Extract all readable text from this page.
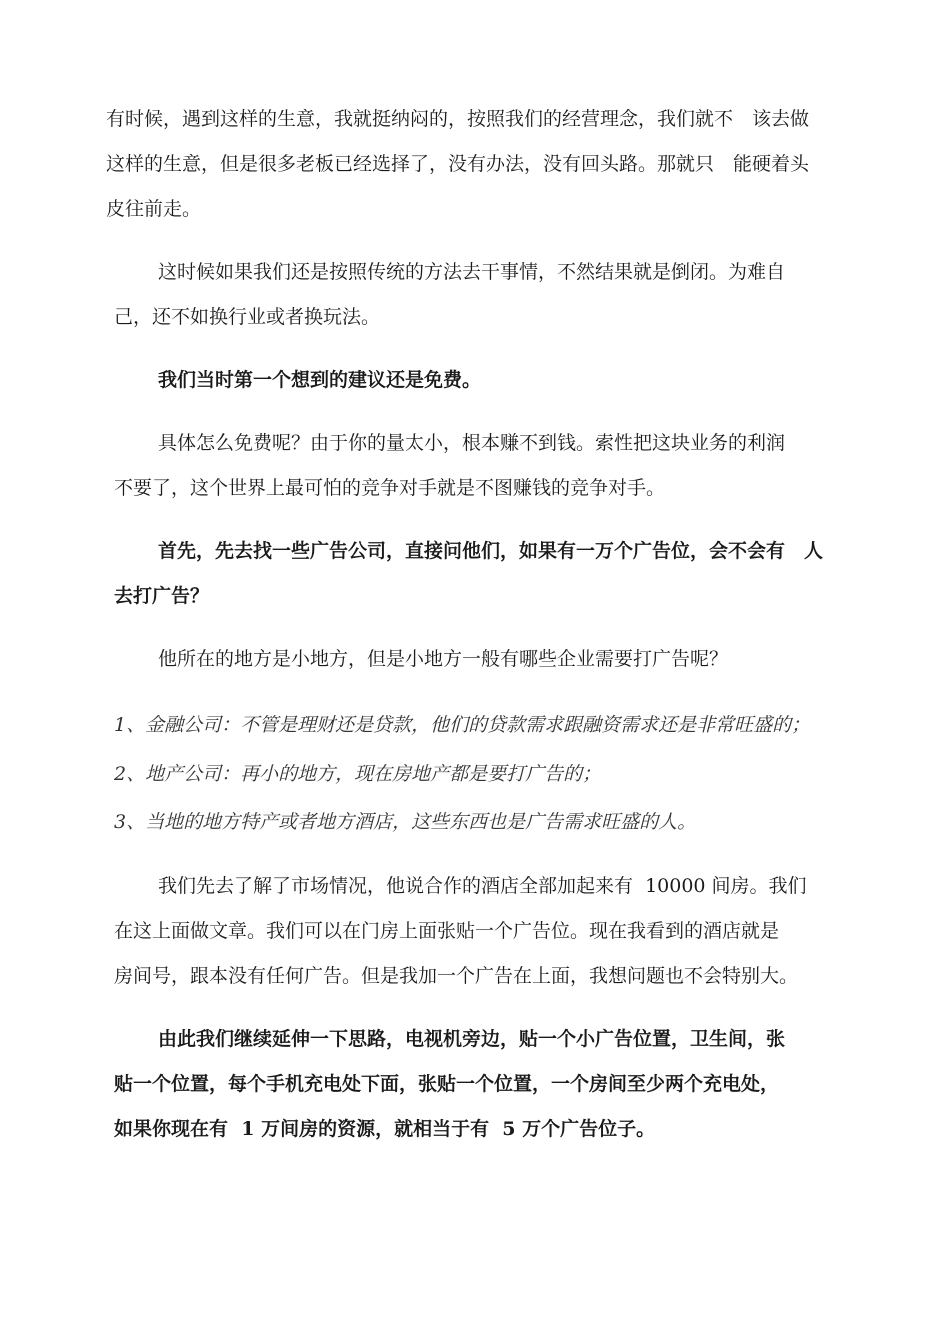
有时候，遇到这样的生意，我就挺纳闷的，按照我们的经营理念，我们就不　该去做
这样的生意，但是很多老板已经选择了，没有办法，没有回头路。那就只　能硬着头
皮往前走。
这时候如果我们还是按照传统的方法去干事情，不然结果就是倒闭。为难自
己，还不如换行业或者换玩法。
我们当时第一个想到的建议还是免费。
具体怎么免费呢？由于你的量太小，根本赚不到钱。索性把这块业务的利润
不要了，这个世界上最可怕的竞争对手就是不图赚钱的竞争对手。
首先，先去找一些广告公司，直接问他们，如果有一万个广告位，会不会有　人
去打广告？
他所在的地方是小地方，但是小地方一般有哪些企业需要打广告呢？
1、金融公司：不管是理财还是贷款，他们的贷款需求跟融资需求还是非常旺盛的；
2、地产公司：再小的地方，现在房地产都是要打广告的；
3、当地的地方特产或者地方酒店，这些东西也是广告需求旺盛的人。
我们先去了解了市场情况，他说合作的酒店全部加起来有  10000 间房。我们
在这上面做文章。我们可以在门房上面张贴一个广告位。现在我看到的酒店就是
房间号，跟本没有任何广告。但是我加一个广告在上面，我想问题也不会特别大。
由此我们继续延伸一下思路，电视机旁边，贴一个小广告位置，卫生间，张
贴一个位置，每个手机充电处下面，张贴一个位置，一个房间至少两个充电处，
如果你现在有  1 万间房的资源，就相当于有  5 万个广告位子。
